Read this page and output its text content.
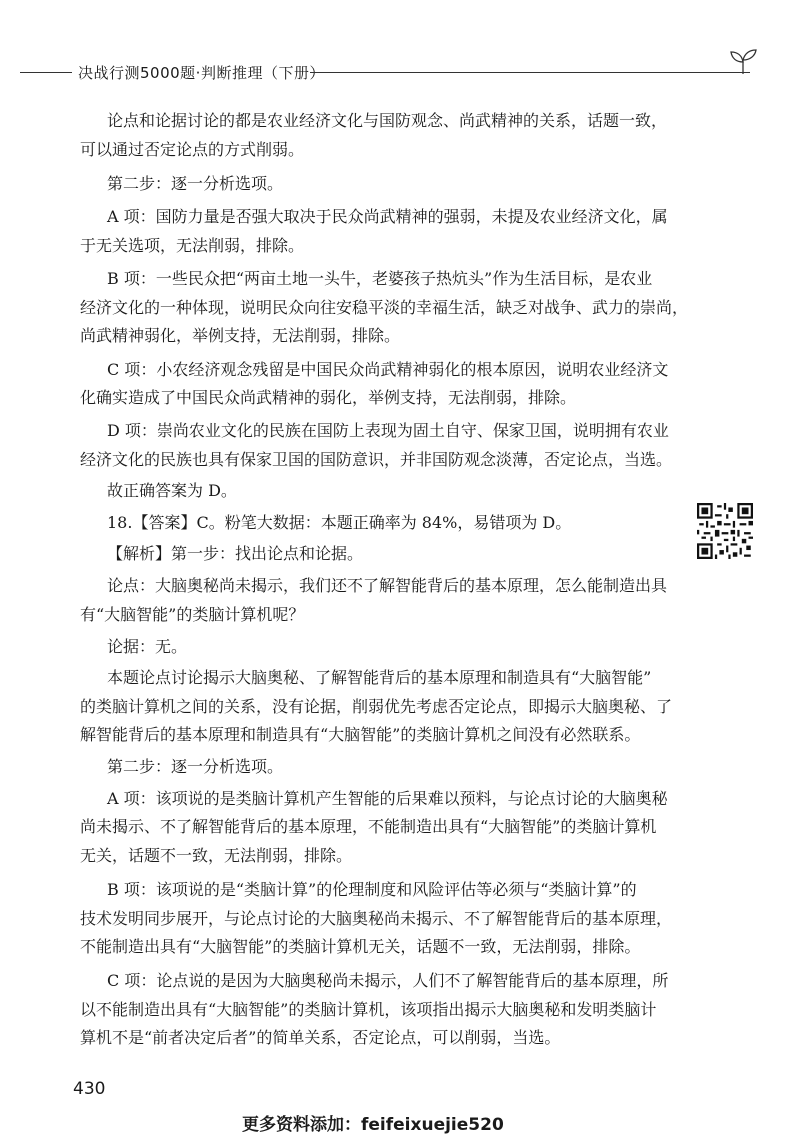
决战行测5000题·判断推理（下册）
论点和论据讨论的都是农业经济文化与国防观念、尚武精神的关系，话题一致，
可以通过否定论点的方式削弱。
第二步：逐一分析选项。
A 项：国防力量是否强大取决于民众尚武精神的强弱，未提及农业经济文化，属
于无关选项，无法削弱，排除。
B 项：一些民众把“两亩土地一头牛，老婆孩子热炕头”作为生活目标，是农业
经济文化的一种体现，说明民众向往安稳平淡的幸福生活，缺乏对战争、武力的崇尚，
尚武精神弱化，举例支持，无法削弱，排除。
C 项：小农经济观念残留是中国民众尚武精神弱化的根本原因，说明农业经济文
化确实造成了中国民众尚武精神的弱化，举例支持，无法削弱，排除。
D 项：崇尚农业文化的民族在国防上表现为固土自守、保家卫国，说明拥有农业
经济文化的民族也具有保家卫国的国防意识，并非国防观念淡薄，否定论点，当选。
故正确答案为 D。
18.【答案】C。粉笔大数据：本题正确率为 84%，易错项为 D。
【解析】第一步：找出论点和论据。
论点：大脑奥秘尚未揭示，我们还不了解智能背后的基本原理，怎么能制造出具
有“大脑智能”的类脑计算机呢？
论据：无。
本题论点讨论揭示大脑奥秘、了解智能背后的基本原理和制造具有“大脑智能”
的类脑计算机之间的关系，没有论据，削弱优先考虑否定论点，即揭示大脑奥秘、了
解智能背后的基本原理和制造具有“大脑智能”的类脑计算机之间没有必然联系。
第二步：逐一分析选项。
A 项：该项说的是类脑计算机产生智能的后果难以预料，与论点讨论的大脑奥秘
尚未揭示、不了解智能背后的基本原理，不能制造出具有“大脑智能”的类脑计算机
无关，话题不一致，无法削弱，排除。
B 项：该项说的是“类脑计算”的伦理制度和风险评估等必须与“类脑计算”的
技术发明同步展开，与论点讨论的大脑奥秘尚未揭示、不了解智能背后的基本原理，
不能制造出具有“大脑智能”的类脑计算机无关，话题不一致，无法削弱，排除。
C 项：论点说的是因为大脑奥秘尚未揭示，人们不了解智能背后的基本原理，所
以不能制造出具有“大脑智能”的类脑计算机，该项指出揭示大脑奥秘和发明类脑计
算机不是“前者决定后者”的简单关系，否定论点，可以削弱，当选。
430
更多资料添加：feifeixuejie520
